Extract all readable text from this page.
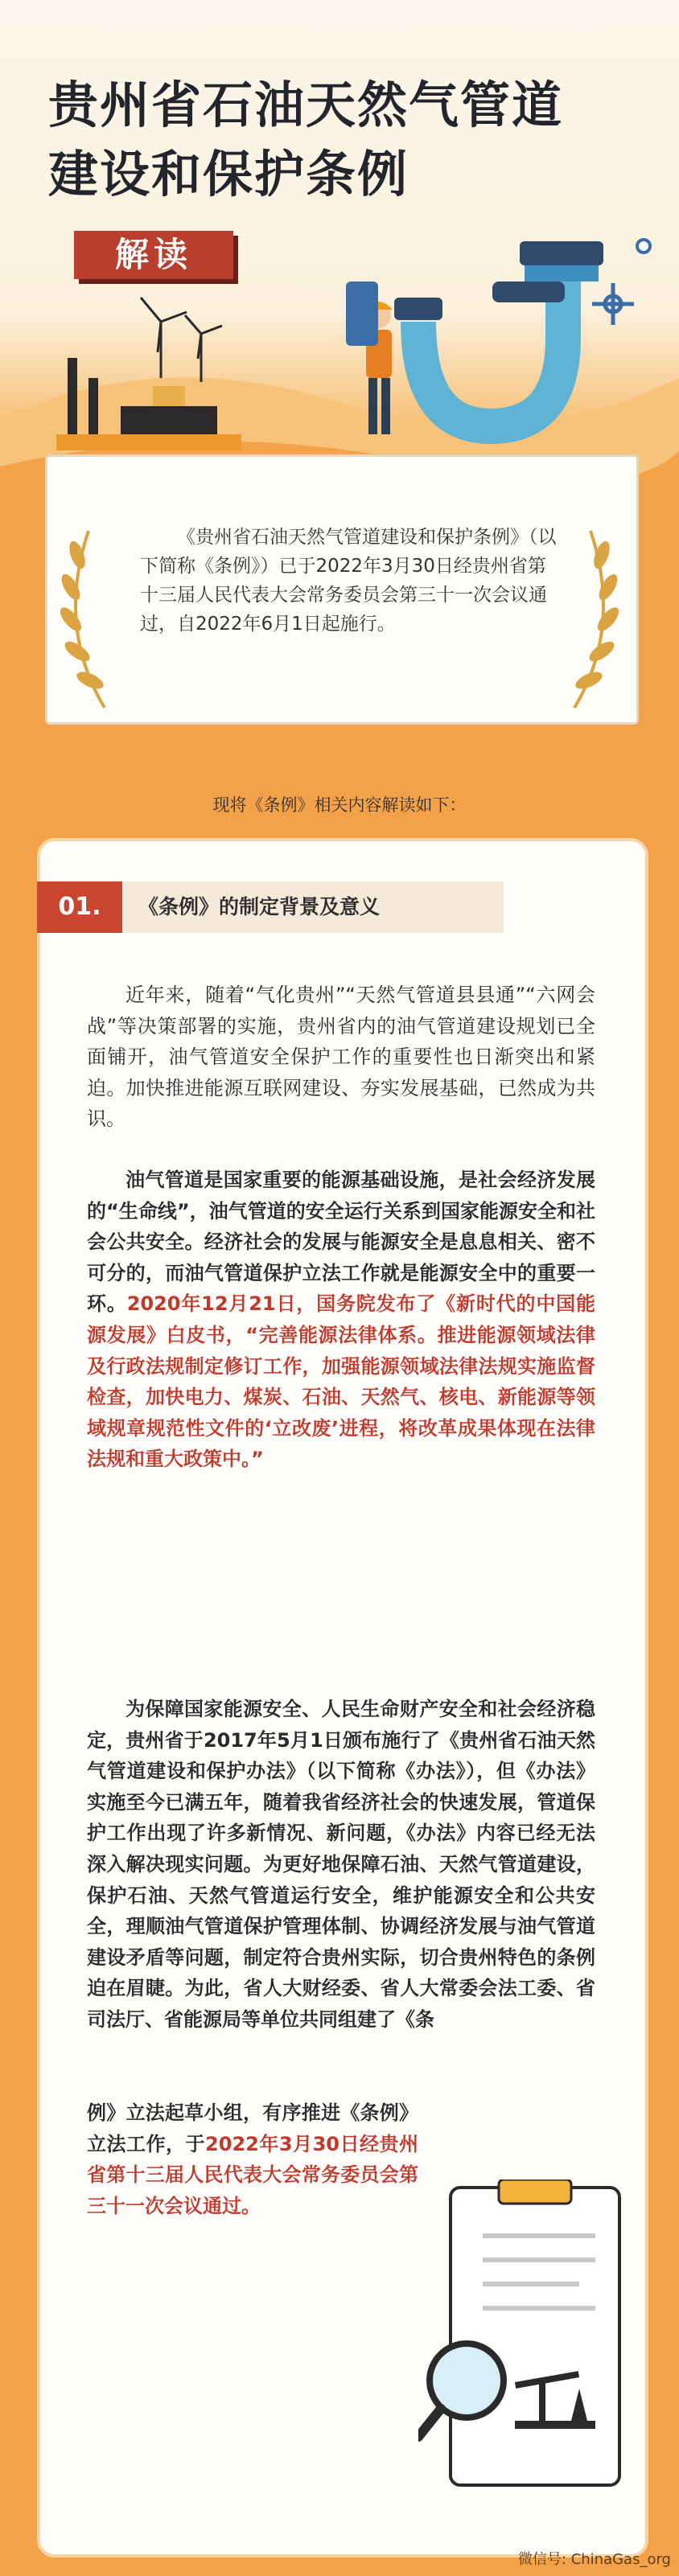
贵州省石油天然气管道
建设和保护条例
解读
《贵州省石油天然气管道建设和保护条例》（以下简称《条例》）已于2022年3月30日经贵州省第十三届人民代表大会常务委员会第三十一次会议通过，自2022年6月1日起施行。
现将《条例》相关内容解读如下：
01.	《条例》的制定背景及意义
近年来，随着“气化贵州”“天然气管道县县通”“六网会战”等决策部署的实施，贵州省内的油气管道建设规划已全面铺开，油气管道安全保护工作的重要性也日渐突出和紧迫。加快推进能源互联网建设、夯实发展基础，已然成为共识。
油气管道是国家重要的能源基础设施，是社会经济发展的“生命线”，油气管道的安全运行关系到国家能源安全和社会公共安全。经济社会的发展与能源安全是息息相关、密不可分的，而油气管道保护立法工作就是能源安全中的重要一环。2020年12月21日，国务院发布了《新时代的中国能源发展》白皮书，“完善能源法律体系。推进能源领域法律及行政法规制定修订工作，加强能源领域法律法规实施监督检查，加快电力、煤炭、石油、天然气、核电、新能源等领域规章规范性文件的‘立改废’进程，将改革成果体现在法律法规和重大政策中。”
为保障国家能源安全、人民生命财产安全和社会经济稳定，贵州省于2017年5月1日颁布施行了《贵州省石油天然气管道建设和保护办法》（以下简称《办法》），但《办法》实施至今已满五年，随着我省经济社会的快速发展，管道保护工作出现了许多新情况、新问题，《办法》内容已经无法深入解决现实问题。为更好地保障石油、天然气管道建设，保护石油、天然气管道运行安全，维护能源安全和公共安全，理顺油气管道保护管理体制、协调经济发展与油气管道建设矛盾等问题，制定符合贵州实际，切合贵州特色的条例迫在眉睫。为此，省人大财经委、省人大常委会法工委、省司法厅、省能源局等单位共同组建了《条
例》立法起草小组，有序推进《条例》立法工作，于2022年3月30日经贵州省第十三届人民代表大会常务委员会第三十一次会议通过。
微信号: ChinaGas_org
